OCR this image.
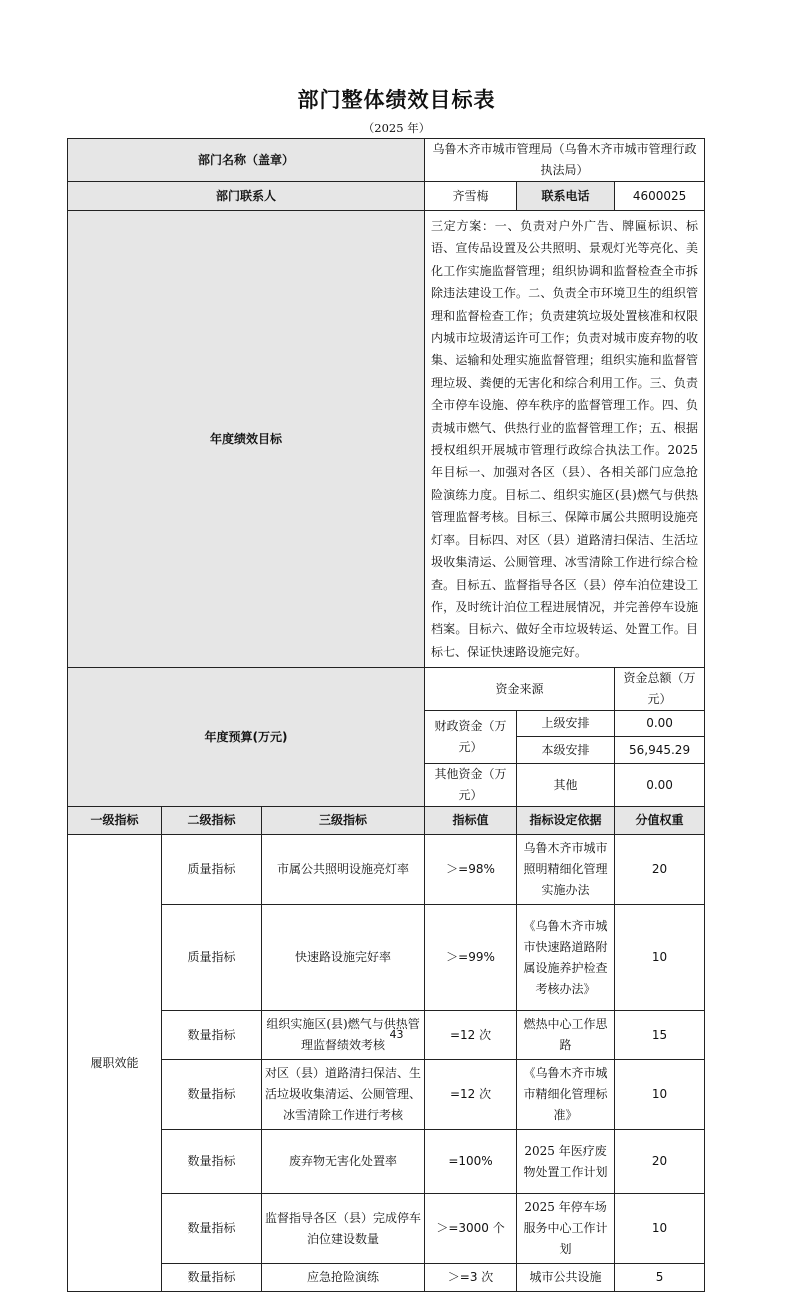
部门整体绩效目标表
（2025 年）
部门名称（盖章）			乌鲁木齐市城市管理局（乌鲁木齐市城市管理行政执法局）		
部门联系人			齐雪梅	联系电话	4600025
年度绩效目标			三定方案：一、负责对户外广告、牌匾标识、标语、宣传品设置及公共照明、景观灯光等亮化、美化工作实施监督管理；组织协调和监督检查全市拆除违法建设工作。二、负责全市环境卫生的组织管理和监督检查工作；负责建筑垃圾处置核准和权限内城市垃圾清运许可工作；负责对城市废弃物的收集、运输和处理实施监督管理；组织实施和监督管理垃圾、粪便的无害化和综合利用工作。三、负责全市停车设施、停车秩序的监督管理工作。四、负责城市燃气、供热行业的监督管理工作；五、根据授权组织开展城市管理行政综合执法工作。2025 年目标一、加强对各区（县）、各相关部门应急抢险演练力度。目标二、组织实施区(县)燃气与供热管理监督考核。目标三、保障市属公共照明设施亮灯率。目标四、对区（县）道路清扫保洁、生活垃圾收集清运、公厕管理、冰雪清除工作进行综合检查。目标五、监督指导各区（县）停车泊位建设工作，及时统计泊位工程进展情况，并完善停车设施档案。目标六、做好全市垃圾转运、处置工作。目标七、保证快速路设施完好。		
年度预算(万元)			资金来源		资金总额（万元）
			财政资金（万元）	上级安排	0.00
				本级安排	56,945.29
			其他资金（万元）	其他	0.00
一级指标	二级指标	三级指标	指标值	指标设定依据	分值权重
履职效能	质量指标	市属公共照明设施亮灯率	＞=98%	乌鲁木齐市城市照明精细化管理实施办法	20
	质量指标	快速路设施完好率	＞=99%	《乌鲁木齐市城市快速路道路附属设施养护检查考核办法》	10
	数量指标	组织实施区(县)燃气与供热管理监督绩效考核	=12 次	燃热中心工作思路	15
	数量指标	对区（县）道路清扫保洁、生活垃圾收集清运、公厕管理、冰雪清除工作进行考核	=12 次	《乌鲁木齐市城市精细化管理标准》	10
	数量指标	废弃物无害化处置率	=100%	2025 年医疗废物处置工作计划	20
	数量指标	监督指导各区（县）完成停车泊位建设数量	＞=3000 个	2025 年停车场服务中心工作计划	10
	数量指标	应急抢险演练	＞=3 次	城市公共设施	5
43
